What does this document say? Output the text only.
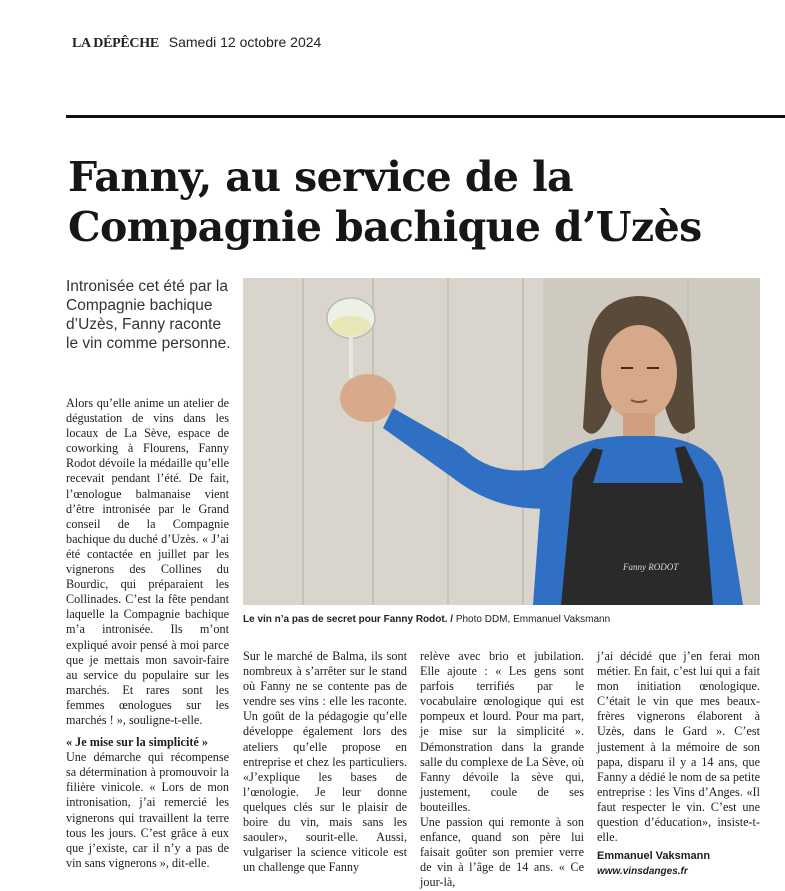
LA DÉPÊCHE Samedi 12 octobre 2024
Fanny, au service de la
Compagnie bachique d’Uzès
Intronisée cet été par la Compagnie bachique d’Uzès, Fanny raconte le vin comme personne.
Fanny RODOT
Le vin n’a pas de secret pour Fanny Rodot. / Photo DDM, Emmanuel Vaksmann

Alors qu’elle anime un atelier de dégustation de vins dans les locaux de La Sève, espace de coworking à Flourens, Fanny Rodot dévoile la médaille qu’elle recevait pendant l’été. De fait, l’œnologue balmanaise vient d’être intronisée par le Grand conseil de la Compagnie bachique du duché d’Uzès. « J’ai été contactée en juillet par les vignerons des Collines du Bourdic, qui préparaient les Collinades. C’est la fête pendant laquelle la Compagnie bachique m’a intronisée. Ils m’ont expliqué avoir pensé à moi parce que je mettais mon savoir-faire au service du populaire sur les marchés. Et rares sont les femmes œnologues sur les marchés ! », souligne-t-elle.

« Je mise sur la simplicité »

Une démarche qui récompense sa détermination à promouvoir la filière vinicole. « Lors de mon intronisation, j’ai remercié les vignerons qui travaillent la terre tous les jours. C’est grâce à eux que j’existe, car il n’y a pas de vin sans vignerons », dit-elle.

Sur le marché de Balma, ils sont nombreux à s’arrêter sur le stand où Fanny ne se contente pas de vendre ses vins : elle les raconte. Un goût de la pédagogie qu’elle développe également lors des ateliers qu’elle propose en entreprise et chez les particuliers. «J’explique les bases de l’œnologie. Je leur donne quelques clés sur le plaisir de boire du vin, mais sans les saouler», sourit-elle. Aussi, vulgariser la science viticole est un challenge que Fanny

relève avec brio et jubilation. Elle ajoute : « Les gens sont parfois terrifiés par le vocabulaire œnologique qui est pompeux et lourd. Pour ma part, je mise sur la simplicité ». Démonstration dans la grande salle du complexe de La Sève, où Fanny dévoile la sève qui, justement, coule de ses bouteilles.

Une passion qui remonte à son enfance, quand son père lui faisait goûter son premier verre de vin à l’âge de 14 ans. « Ce jour-là,

j’ai décidé que j’en ferai mon métier. En fait, c’est lui qui a fait mon initiation œnologique. C’était le vin que mes beaux-frères vignerons élaborent à Uzès, dans le Gard ». C’est justement à la mémoire de son papa, disparu il y a 14 ans, que Fanny a dédié le nom de sa petite entreprise : les Vins d’Anges. «Il faut respecter le vin. C’est une question d’éducation», insiste-t-elle.

Emmanuel Vaksmann

www.vinsdanges.fr
